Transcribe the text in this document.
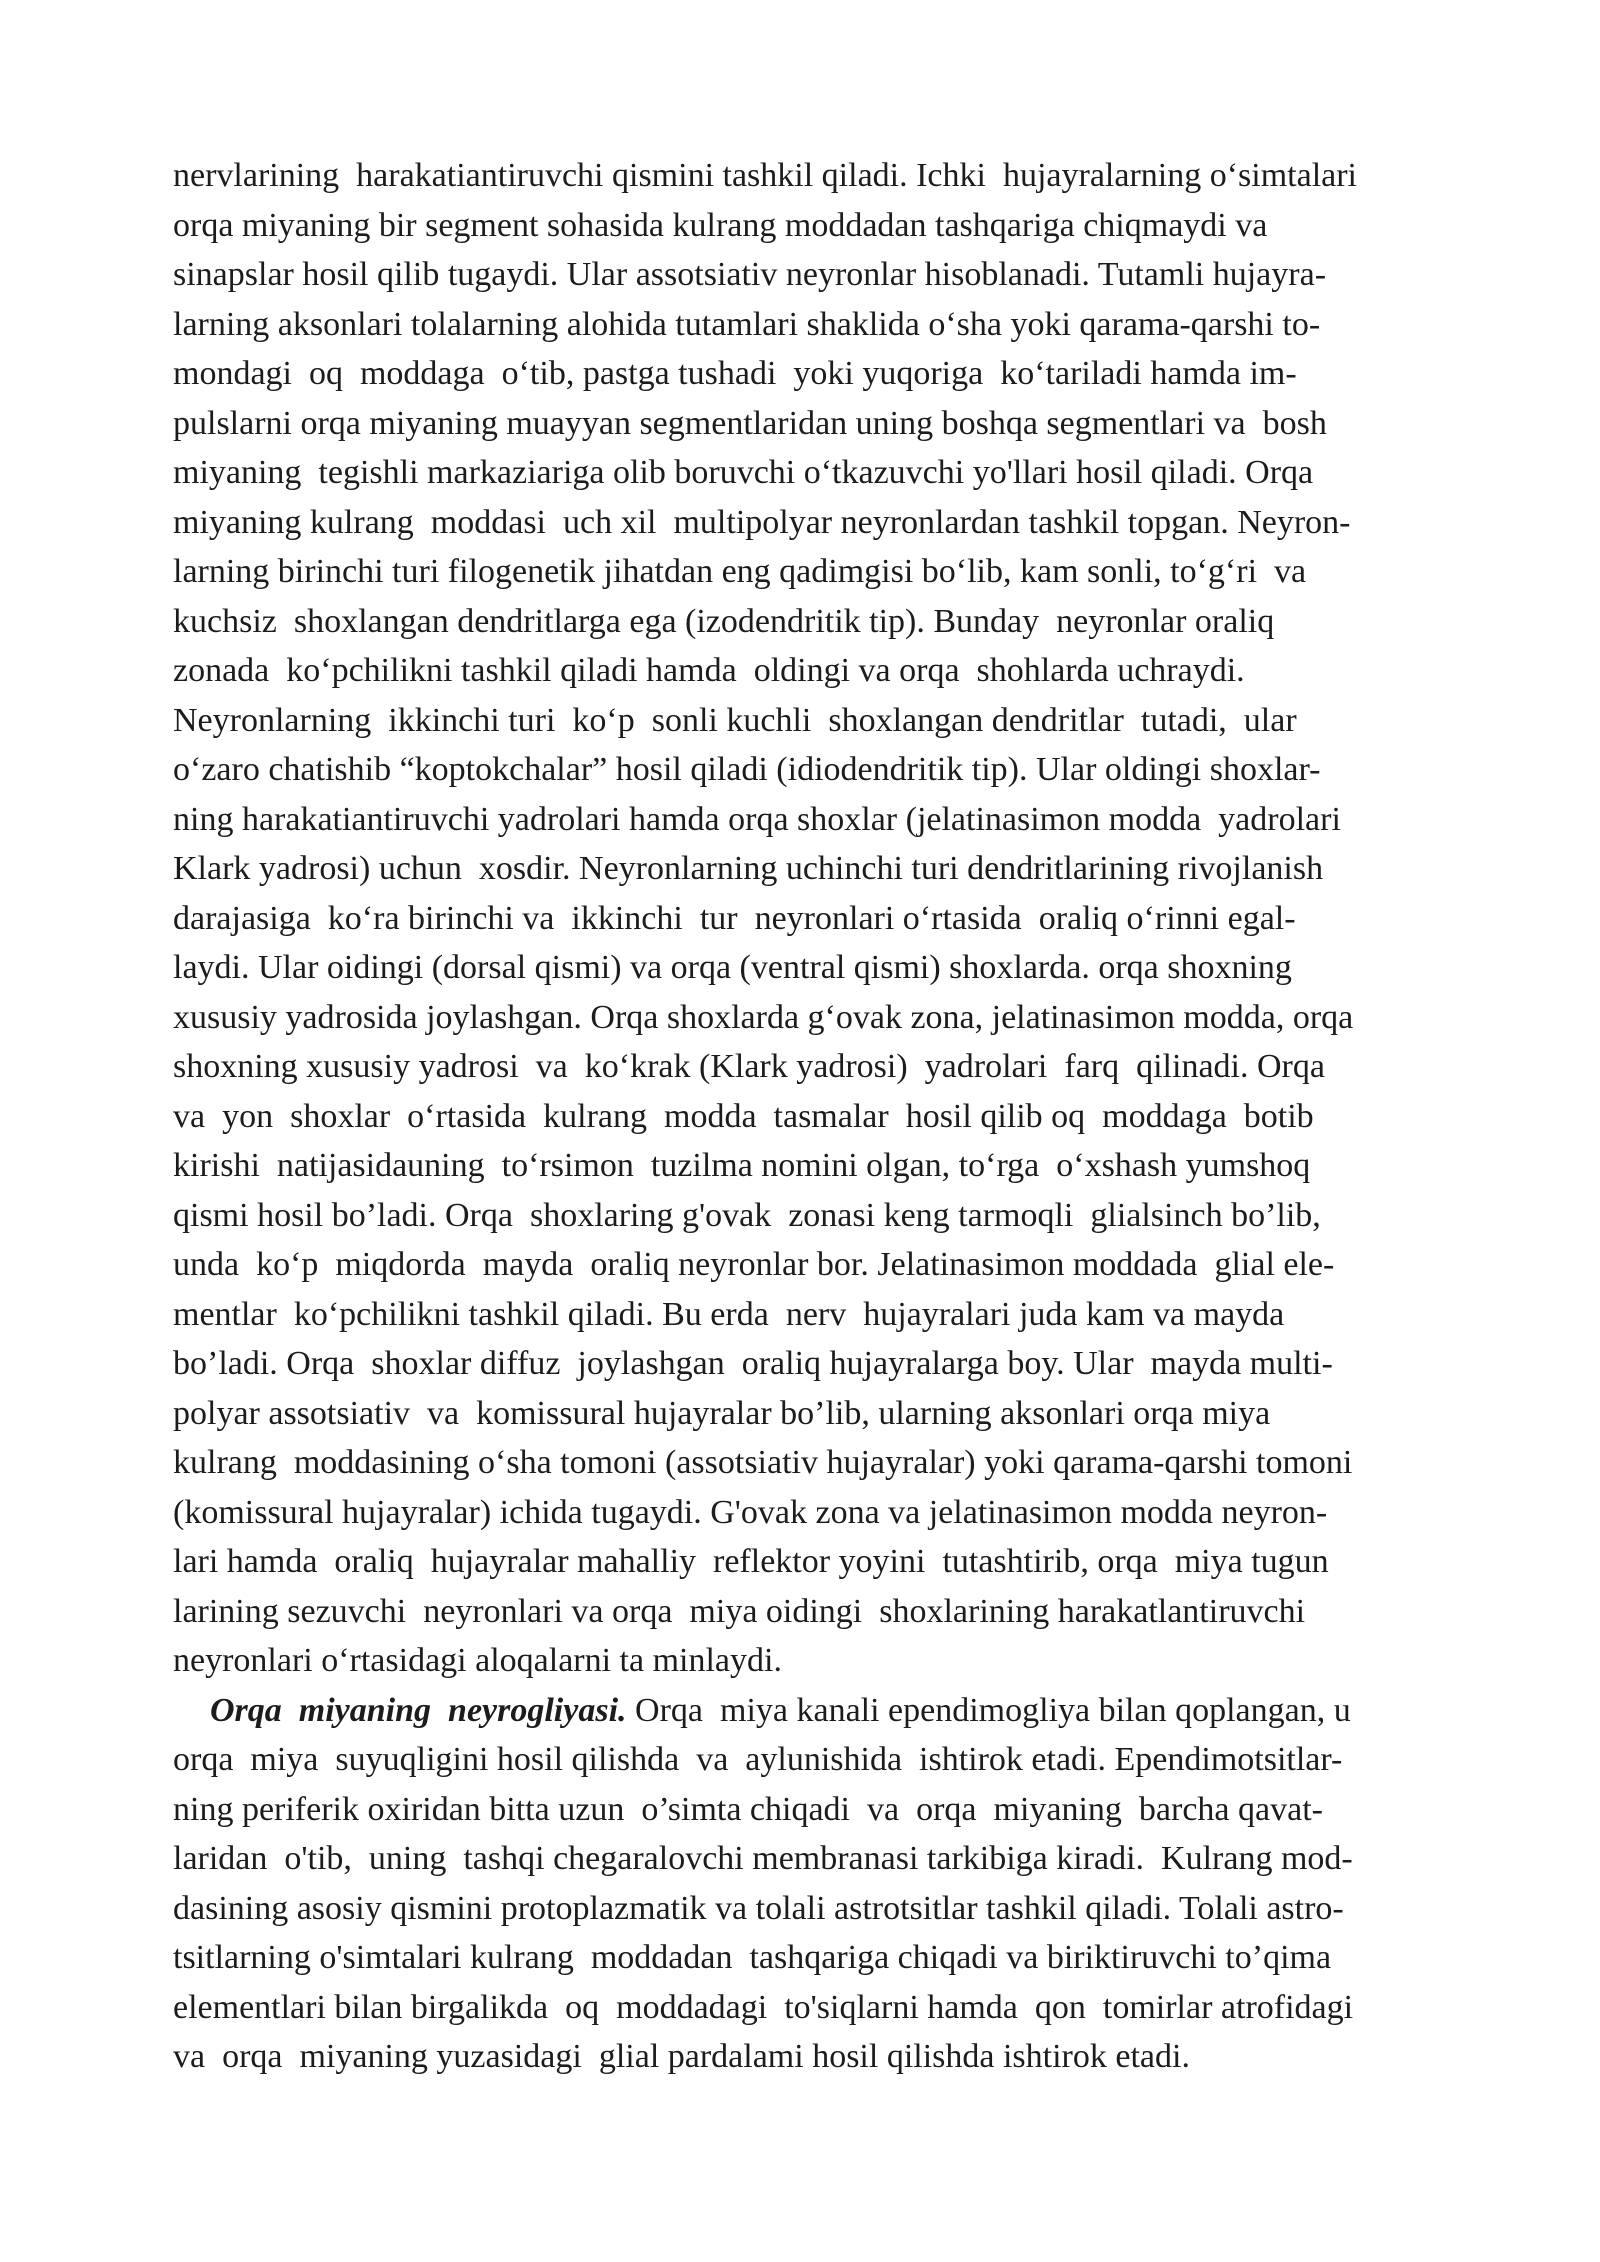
nervlarining  harakatiantiruvchi qismini tashkil qiladi. Ichki  hujayralarning o‘simtalari
orqa miyaning bir segment sohasida kulrang moddadan tashqariga chiqmaydi va
sinapslar hosil qilib tugaydi. Ular assotsiativ neyronlar hisoblanadi. Tutamli hujayra-
larning aksonlari tolalarning alohida tutamlari shaklida o‘sha yoki qarama-qarshi to-
mondagi  oq  moddaga  o‘tib, pastga tushadi  yoki yuqoriga  ko‘tariladi hamda im-
pulslarni orqa miyaning muayyan segmentlaridan uning boshqa segmentlari va  bosh
miyaning  tegishli markaziariga olib boruvchi o‘tkazuvchi yo'llari hosil qiladi. Orqa
miyaning kulrang  moddasi  uch xil  multipolyar neyronlardan tashkil topgan. Neyron-
larning birinchi turi filogenetik jihatdan eng qadimgisi bo‘lib, kam sonli, to‘g‘ri  va
kuchsiz  shoxlangan dendritlarga ega (izodendritik tip). Bunday  neyronlar oraliq
zonada  ko‘pchilikni tashkil qiladi hamda  oldingi va orqa  shohlarda uchraydi.
Neyronlarning  ikkinchi turi  ko‘p  sonli kuchli  shoxlangan dendritlar  tutadi,  ular
o‘zaro chatishib “koptokchalar” hosil qiladi (idiodendritik tip). Ular oldingi shoxlar-
ning harakatiantiruvchi yadrolari hamda orqa shoxlar (jelatinasimon modda  yadrolari
Klark yadrosi) uchun  xosdir. Neyronlarning uchinchi turi dendritlarining rivojlanish
darajasiga  ko‘ra birinchi va  ikkinchi  tur  neyronlari o‘rtasida  oraliq o‘rinni egal-
laydi. Ular oidingi (dorsal qismi) va orqa (ventral qismi) shoxlarda. orqa shoxning
xususiy yadrosida joylashgan. Orqa shoxlarda g‘ovak zona, jelatinasimon modda, orqa
shoxning xususiy yadrosi  va  ko‘krak (Klark yadrosi)  yadrolari  farq  qilinadi. Orqa
va  yon  shoxlar  o‘rtasida  kulrang  modda  tasmalar  hosil qilib oq  moddaga  botib
kirishi  natijasidauning  to‘rsimon  tuzilma nomini olgan, to‘rga  o‘xshash yumshoq
qismi hosil bo’ladi. Orqa  shoxlaring g'ovak  zonasi keng tarmoqli  glialsinch bo’lib,
unda  ko‘p  miqdorda  mayda  oraliq neyronlar bor. Jelatinasimon moddada  glial ele-
mentlar  ko‘pchilikni tashkil qiladi. Bu erda  nerv  hujayralari juda kam va mayda
bo’ladi. Orqa  shoxlar diffuz  joylashgan  oraliq hujayralarga boy. Ular  mayda multi-
polyar assotsiativ  va  komissural hujayralar bo’lib, ularning aksonlari orqa miya
kulrang  moddasining o‘sha tomoni (assotsiativ hujayralar) yoki qarama-qarshi tomoni
(komissural hujayralar) ichida tugaydi. G'ovak zona va jelatinasimon modda neyron-
lari hamda  oraliq  hujayralar mahalliy  reflektor yoyini  tutashtirib, orqa  miya tugun
larining sezuvchi  neyronlari va orqa  miya oidingi  shoxlarining harakatlantiruvchi
neyronlari o‘rtasidagi aloqalarni ta minlaydi.
Orqa  miyaning  neyrogliyasi. Orqa  miya kanali ependimogliya bilan qoplangan, u
orqa  miya  suyuqligini hosil qilishda  va  aylunishida  ishtirok etadi. Ependimotsitlar-
ning periferik oxiridan bitta uzun  o’simta chiqadi  va  orqa  miyaning  barcha qavat-
laridan  o'tib,  uning  tashqi chegaralovchi membranasi tarkibiga kiradi.  Kulrang mod-
dasining asosiy qismini protoplazmatik va tolali astrotsitlar tashkil qiladi. Tolali astro-
tsitlarning o'simtalari kulrang  moddadan  tashqariga chiqadi va biriktiruvchi to’qima
elementlari bilan birgalikda  oq  moddadagi  to'siqlarni hamda  qon  tomirlar atrofidagi
va  orqa  miyaning yuzasidagi  glial pardalami hosil qilishda ishtirok etadi.
